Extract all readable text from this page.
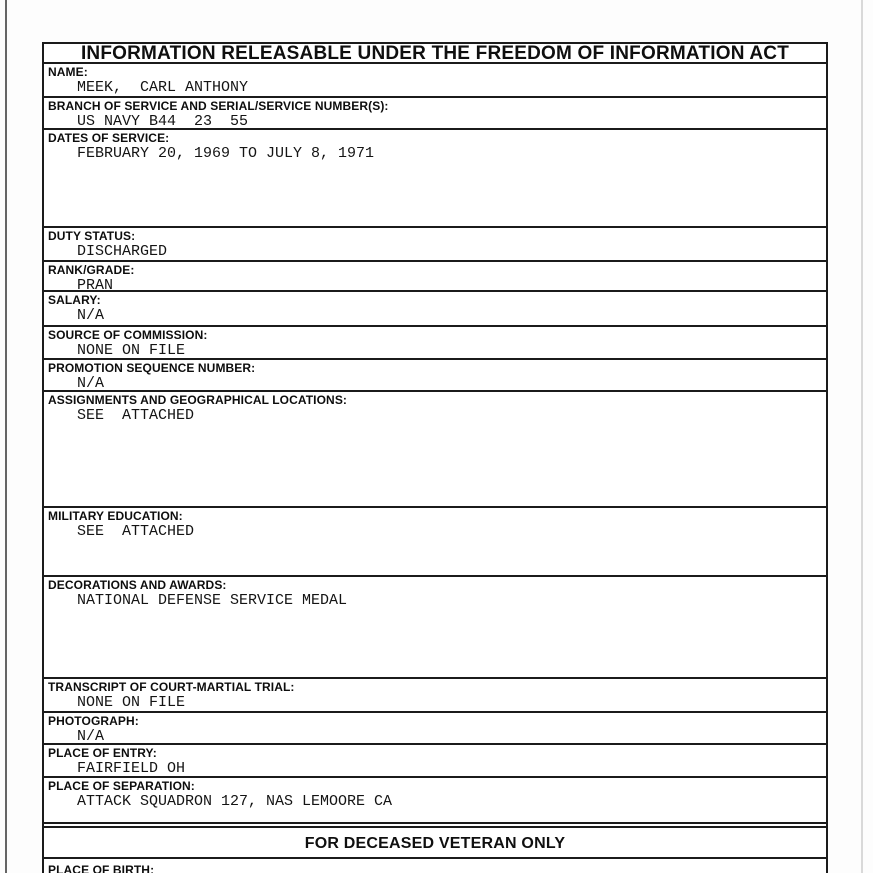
INFORMATION RELEASABLE UNDER THE FREEDOM OF INFORMATION ACT
NAME:
MEEK,  CARL ANTHONY
BRANCH OF SERVICE AND SERIAL/SERVICE NUMBER(S):
US NAVY B44  23  55
DATES OF SERVICE:
FEBRUARY 20, 1969 TO JULY 8, 1971
DUTY STATUS:
DISCHARGED
RANK/GRADE:
PRAN
SALARY:
N/A
SOURCE OF COMMISSION:
NONE ON FILE
PROMOTION SEQUENCE NUMBER:
N/A
ASSIGNMENTS AND GEOGRAPHICAL LOCATIONS:
SEE  ATTACHED
MILITARY EDUCATION:
SEE  ATTACHED
DECORATIONS AND AWARDS:
NATIONAL DEFENSE SERVICE MEDAL
TRANSCRIPT OF COURT-MARTIAL TRIAL:
NONE ON FILE
PHOTOGRAPH:
N/A
PLACE OF ENTRY:
FAIRFIELD OH
PLACE OF SEPARATION:
ATTACK SQUADRON 127, NAS LEMOORE CA
FOR DECEASED VETERAN ONLY
PLACE OF BIRTH:
